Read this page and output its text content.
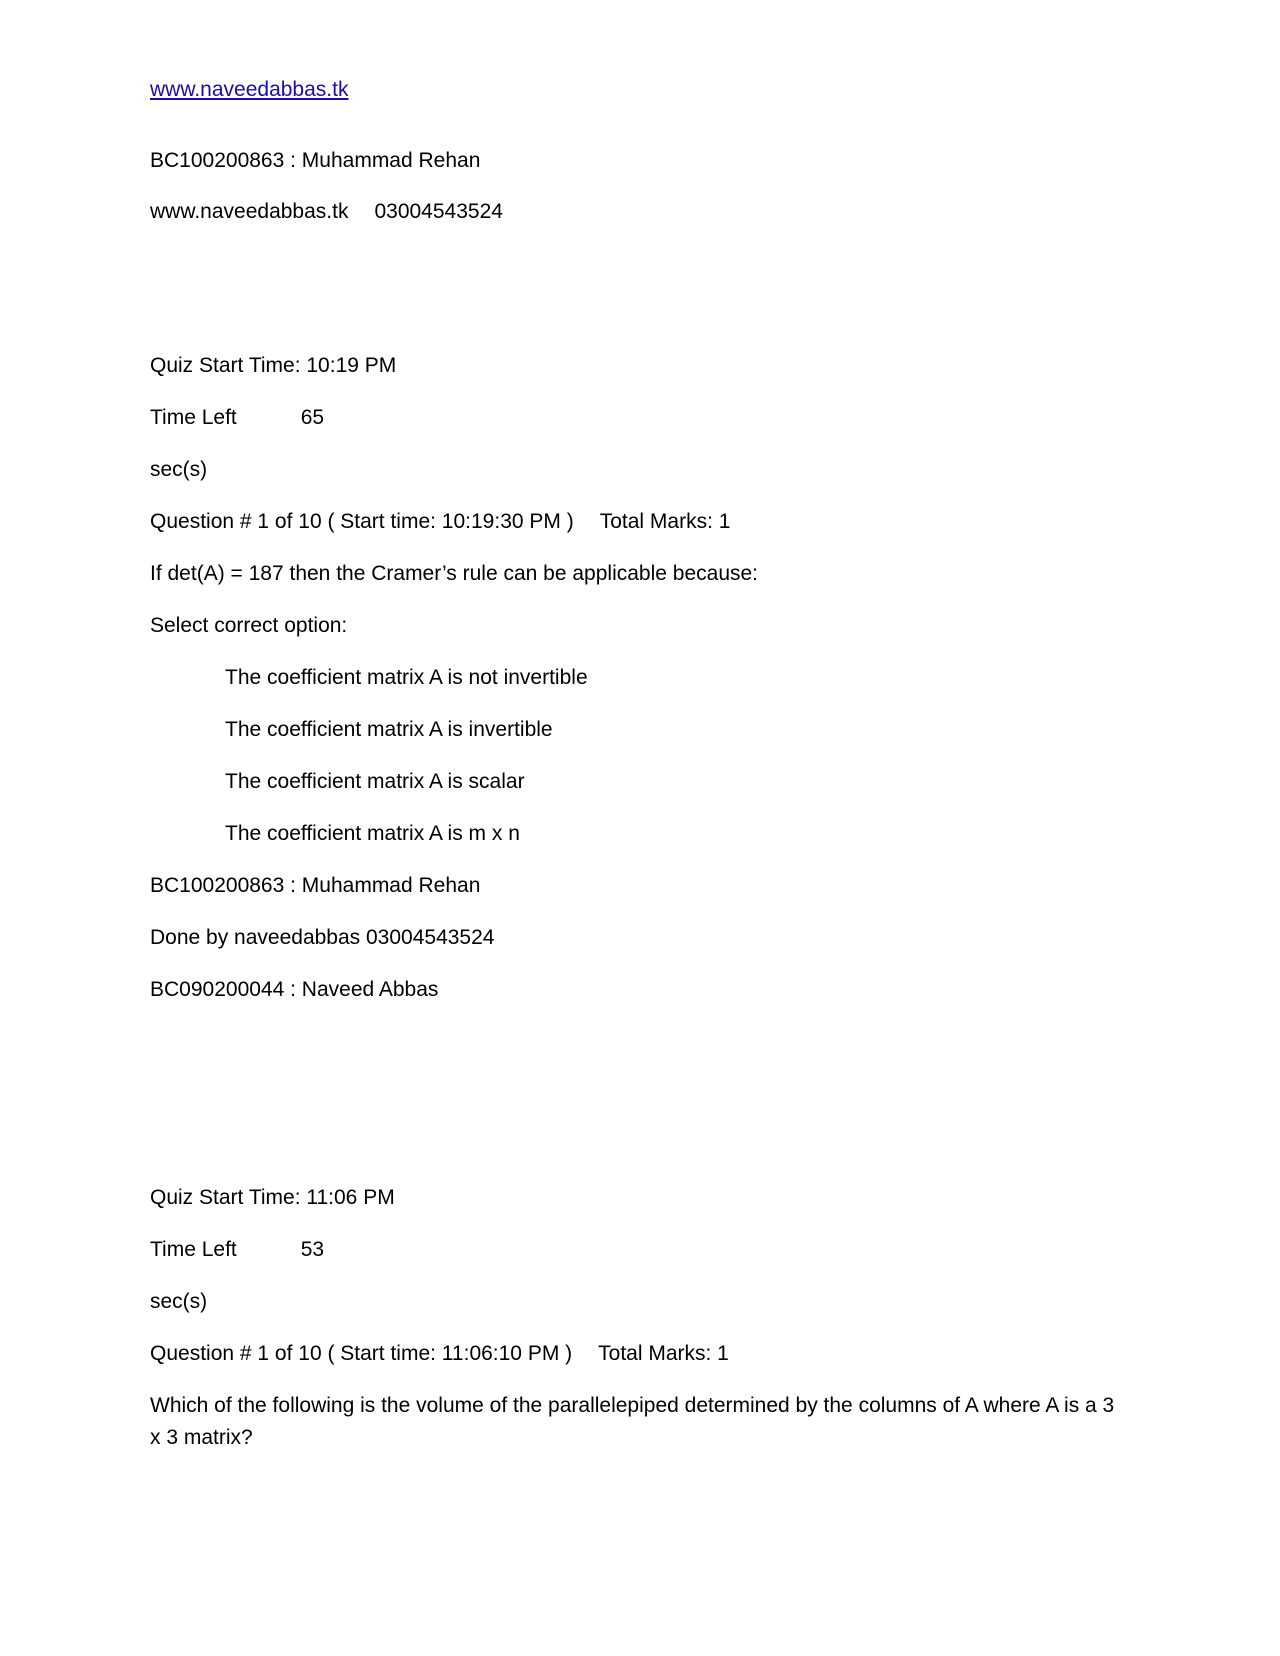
www.naveedabbas.tk
BC100200863 : Muhammad Rehan
www.naveedabbas.tk 03004543524
Quiz Start Time: 10:19 PM
Time Left	65
sec(s)
Question # 1 of 10 ( Start time: 10:19:30 PM ) Total Marks: 1
If det(A) = 187 then the Cramer’s rule can be applicable because:
Select correct option:
The coefficient matrix A is not invertible
The coefficient matrix A is invertible
The coefficient matrix A is scalar
The coefficient matrix A is m x n
BC100200863 : Muhammad Rehan
Done by naveedabbas 03004543524
BC090200044 : Naveed Abbas
Quiz Start Time: 11:06 PM
Time Left	53
sec(s)
Question # 1 of 10 ( Start time: 11:06:10 PM ) Total Marks: 1
Which of the following is the volume of the parallelepiped determined by the columns of A where A is a 3 x 3 matrix?
